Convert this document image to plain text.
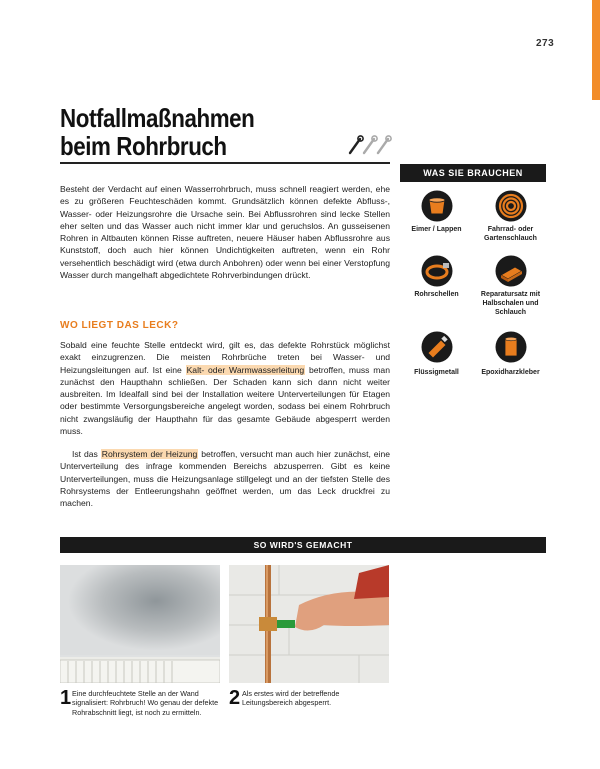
273
Notfallmaßnahmen
beim Rohrbruch
Besteht der Verdacht auf einen Wasserrohrbruch, muss schnell reagiert werden, ehe es zu größeren Feuchteschäden kommt. Grundsätzlich können defekte Abfluss-, Wasser- oder Heizungsrohre die Ursache sein. Bei Abflussrohren sind lecke Stellen eher selten und das Wasser auch nicht immer klar und geruchslos. An gusseisenen Rohren in Altbauten können Risse auftreten, neuere Häuser haben Abflussrohre aus Kunststoff, doch auch hier können Undichtigkeiten auftreten, wenn ein Rohr versehentlich beschädigt wird (etwa durch Anbohren) oder wenn bei einer Verstopfung Wasser durch mangelhaft abgedichtete Rohrverbindungen drückt.
WO LIEGT DAS LECK?
Sobald eine feuchte Stelle entdeckt wird, gilt es, das defekte Rohrstück möglichst exakt einzugrenzen. Die meisten Rohrbrüche treten bei Wasser- und Heizungsleitungen auf. Ist eine Kalt- oder Warmwasserleitung betroffen, muss man zunächst den Haupthahn schließen. Der Schaden kann sich dann nicht weiter ausbreiten. Im Idealfall sind bei der Installation weitere Unterverteilungen für Etagen oder bestimmte Versorgungsbereiche angelegt worden, sodass bei einem Rohrbruch nicht zwangsläufig der Haupthahn für das gesamte Gebäude abgesperrt werden muss.
Ist das Rohrsystem der Heizung betroffen, versucht man auch hier zunächst, eine Unterverteilung des infrage kommenden Bereichs abzusperren. Gibt es keine Unterverteilungen, muss die Heizungsanlage stillgelegt und an der tiefsten Stelle des Rohrsystems der Entleerungshahn geöffnet werden, um das Leck druckfrei zu machen.
WAS SIE BRAUCHEN
Eimer / Lappen	Fahrrad- oder Gartenschlauch
Rohrschellen	Reparatursatz mit Halbschalen und Schlauch
Flüssigmetall	Epoxidharzkleber
SO WIRD'S GEMACHT
1 Eine durchfeuchtete Stelle an der Wand signalisiert: Rohrbruch! Wo genau der defekte Rohrabschnitt liegt, ist noch zu ermitteln.
2 Als erstes wird der betreffende Leitungsbereich abgesperrt.
